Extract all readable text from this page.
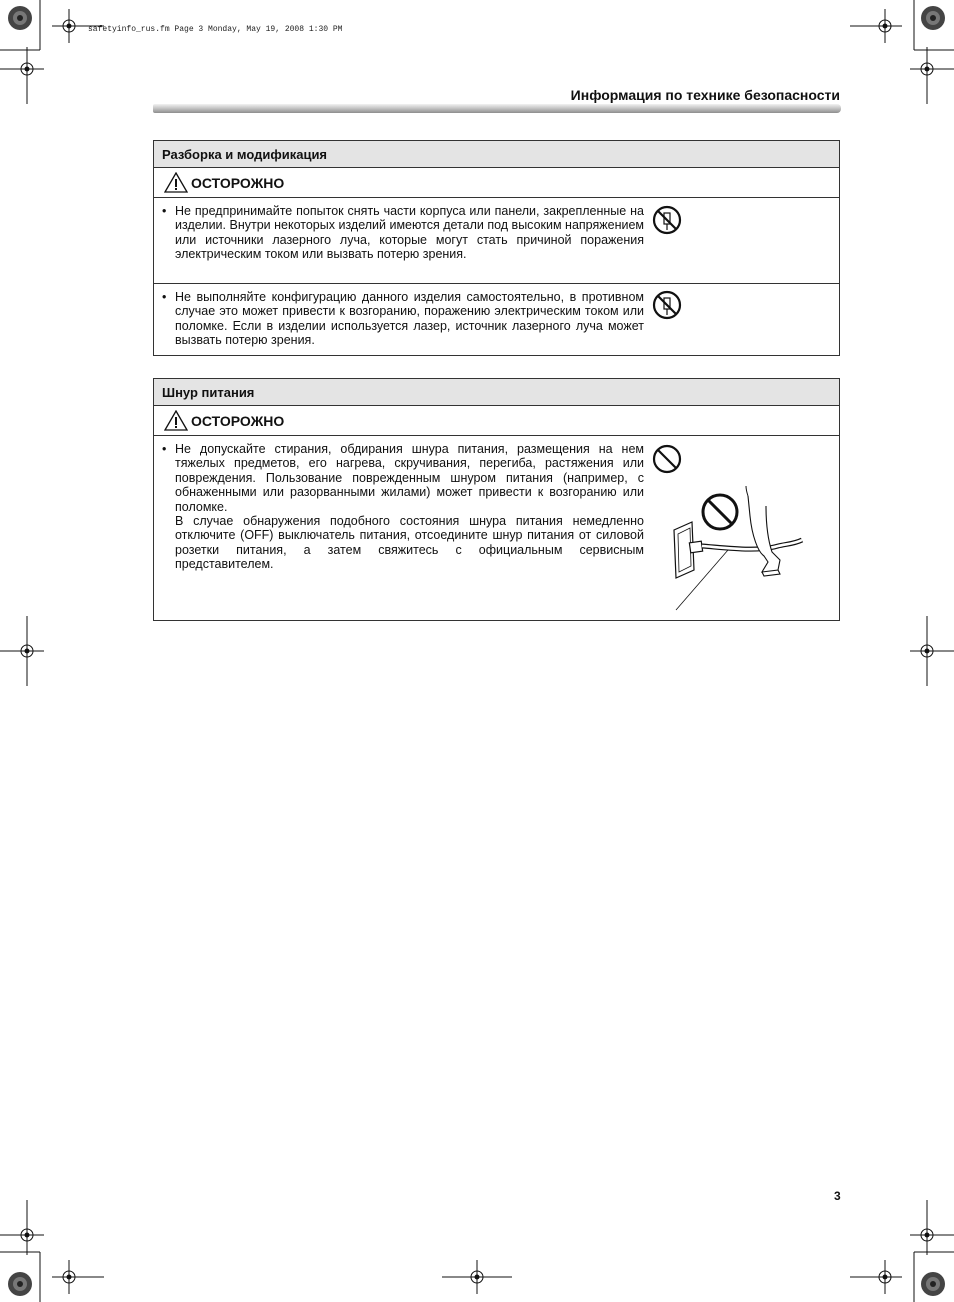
safetyinfo_rus.fm Page 3 Monday, May 19, 2008 1:30 PM
Информация по технике безопасности
Разборка и модификация
ОСТОРОЖНО
• Не предпринимайте попыток снять части корпуса или панели, закрепленные на изделии. Внутри некоторых изделий имеются детали под высоким напряжением или источники лазерного луча, которые могут стать причиной поражения электрическим током или вызвать потерю зрения.

• Не выполняйте конфигурацию данного изделия самостоятельно, в противном случае это может привести к возгоранию, поражению электрическим током или поломке. Если в изделии используется лазер, источник лазерного луча может вызвать потерю зрения.

Шнур питания
ОСТОРОЖНО
• Не допускайте стирания, обдирания шнура питания, размещения на нем тяжелых предметов, его нагрева, скручивания, перегиба, растяжения или повреждения. Пользование поврежденным шнуром питания (например, с обнаженными или разорванными жилами) может привести к возгоранию или поломке.

В случае обнаружения подобного состояния шнура питания немедленно отключите (OFF) выключатель питания, отсоедините шнур питания от силовой розетки питания, а затем свяжитесь с официальным сервисным представителем.

3
